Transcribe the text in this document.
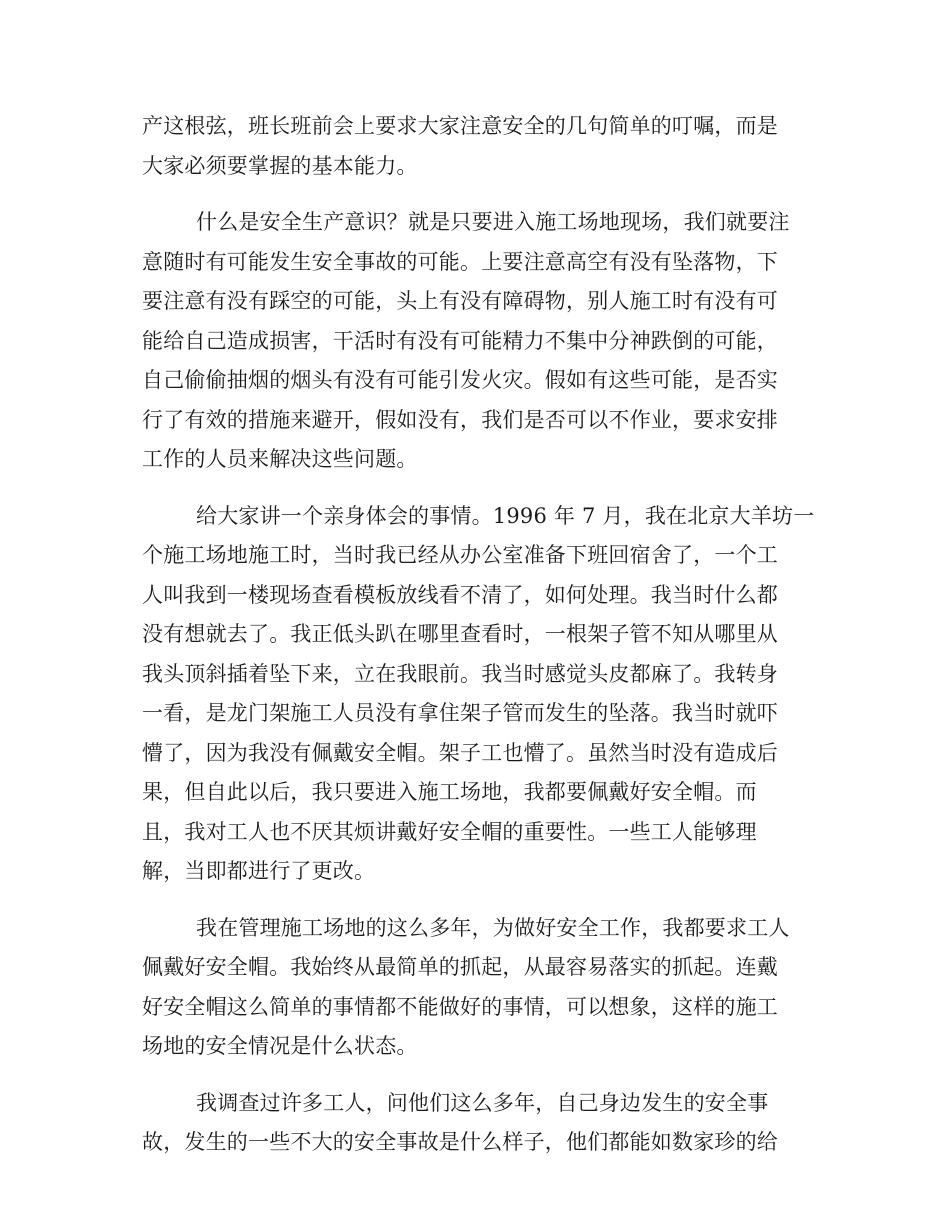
产这根弦，班长班前会上要求大家注意安全的几句简单的叮嘱，而是
大家必须要掌握的基本能力。
什么是安全生产意识？就是只要进入施工场地现场，我们就要注
意随时有可能发生安全事故的可能。上要注意高空有没有坠落物，下
要注意有没有踩空的可能，头上有没有障碍物，别人施工时有没有可
能给自己造成损害，干活时有没有可能精力不集中分神跌倒的可能，
自己偷偷抽烟的烟头有没有可能引发火灾。假如有这些可能，是否实
行了有效的措施来避开，假如没有，我们是否可以不作业，要求安排
工作的人员来解决这些问题。
给大家讲一个亲身体会的事情。1996 年 7 月，我在北京大羊坊一
个施工场地施工时，当时我已经从办公室准备下班回宿舍了，一个工
人叫我到一楼现场查看模板放线看不清了，如何处理。我当时什么都
没有想就去了。我正低头趴在哪里查看时，一根架子管不知从哪里从
我头顶斜插着坠下来，立在我眼前。我当时感觉头皮都麻了。我转身
一看，是龙门架施工人员没有拿住架子管而发生的坠落。我当时就吓
懵了，因为我没有佩戴安全帽。架子工也懵了。虽然当时没有造成后
果，但自此以后，我只要进入施工场地，我都要佩戴好安全帽。而
且，我对工人也不厌其烦讲戴好安全帽的重要性。一些工人能够理
解，当即都进行了更改。
我在管理施工场地的这么多年，为做好安全工作，我都要求工人
佩戴好安全帽。我始终从最简单的抓起，从最容易落实的抓起。连戴
好安全帽这么简单的事情都不能做好的事情，可以想象，这样的施工
场地的安全情况是什么状态。
我调查过许多工人，问他们这么多年，自己身边发生的安全事
故，发生的一些不大的安全事故是什么样子，他们都能如数家珍的给
